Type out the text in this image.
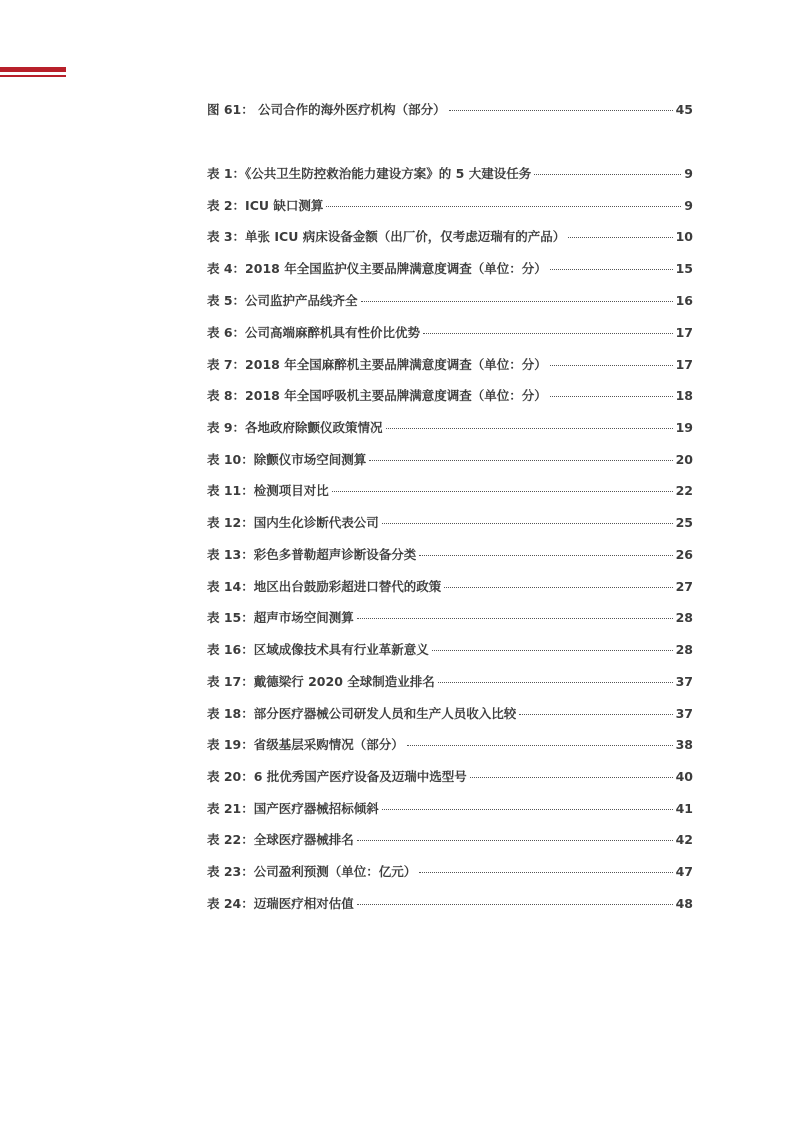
图 61： 公司合作的海外医疗机构（部分）	45
表 1：《公共卫生防控救治能力建设方案》的 5 大建设任务	9
表 2：ICU 缺口测算	9
表 3：单张 ICU 病床设备金额（出厂价，仅考虑迈瑞有的产品）	10
表 4：2018 年全国监护仪主要品牌满意度调查（单位：分）	15
表 5：公司监护产品线齐全	16
表 6：公司高端麻醉机具有性价比优势	17
表 7：2018 年全国麻醉机主要品牌满意度调查（单位：分）	17
表 8：2018 年全国呼吸机主要品牌满意度调查（单位：分）	18
表 9：各地政府除颤仪政策情况	19
表 10：除颤仪市场空间测算	20
表 11：检测项目对比	22
表 12：国内生化诊断代表公司	25
表 13：彩色多普勒超声诊断设备分类	26
表 14：地区出台鼓励彩超进口替代的政策	27
表 15：超声市场空间测算	28
表 16：区域成像技术具有行业革新意义	28
表 17：戴德梁行 2020 全球制造业排名	37
表 18：部分医疗器械公司研发人员和生产人员收入比较	37
表 19：省级基层采购情况（部分）	38
表 20：6 批优秀国产医疗设备及迈瑞中选型号	40
表 21：国产医疗器械招标倾斜	41
表 22：全球医疗器械排名	42
表 23：公司盈利预测（单位：亿元）	47
表 24：迈瑞医疗相对估值	48
